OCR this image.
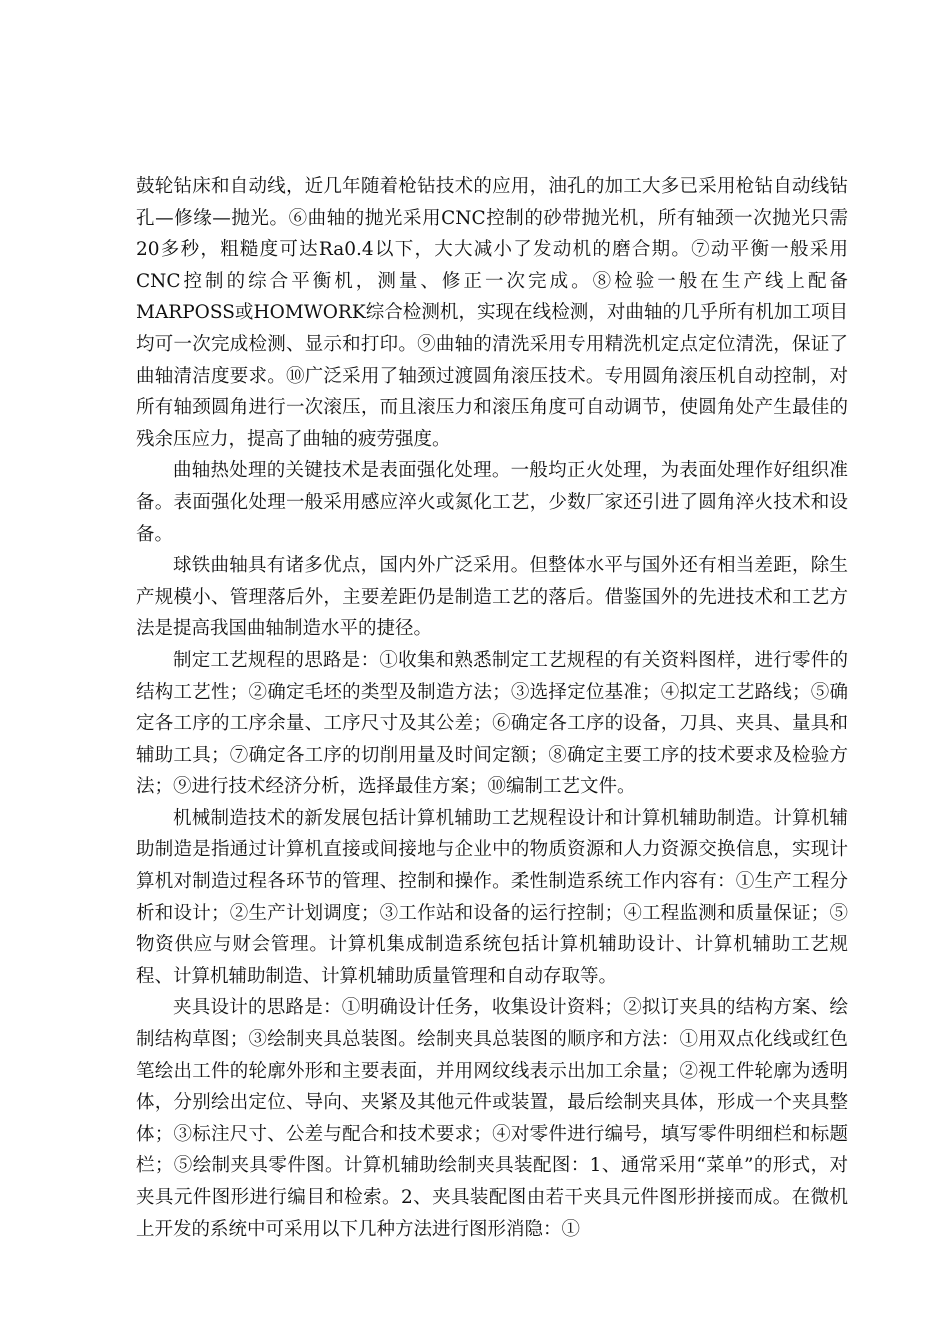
鼓轮钻床和自动线，近几年随着枪钻技术的应用，油孔的加工大多已采用枪钻自动线钻孔—修缘—抛光。⑥曲轴的抛光采用CNC控制的砂带抛光机，所有轴颈一次抛光只需20多秒，粗糙度可达Ra0.4以下，大大减小了发动机的磨合期。⑦动平衡一般采用CNC控制的综合平衡机，测量、修正一次完成。⑧检验一般在生产线上配备MARPOSS或HOMWORK综合检测机，实现在线检测，对曲轴的几乎所有机加工项目均可一次完成检测、显示和打印。⑨曲轴的清洗采用专用精洗机定点定位清洗，保证了曲轴清洁度要求。⑩广泛采用了轴颈过渡圆角滚压技术。专用圆角滚压机自动控制，对所有轴颈圆角进行一次滚压，而且滚压力和滚压角度可自动调节，使圆角处产生最佳的残余压应力，提高了曲轴的疲劳强度。

曲轴热处理的关键技术是表面强化处理。一般均正火处理，为表面处理作好组织准备。表面强化处理一般采用感应淬火或氮化工艺，少数厂家还引进了圆角淬火技术和设备。

球铁曲轴具有诸多优点，国内外广泛采用。但整体水平与国外还有相当差距，除生产规模小、管理落后外，主要差距仍是制造工艺的落后。借鉴国外的先进技术和工艺方法是提高我国曲轴制造水平的捷径。

制定工艺规程的思路是：①收集和熟悉制定工艺规程的有关资料图样，进行零件的结构工艺性；②确定毛坯的类型及制造方法；③选择定位基准；④拟定工艺路线；⑤确定各工序的工序余量、工序尺寸及其公差；⑥确定各工序的设备，刀具、夹具、量具和辅助工具；⑦确定各工序的切削用量及时间定额；⑧确定主要工序的技术要求及检验方法；⑨进行技术经济分析，选择最佳方案；⑩编制工艺文件。

机械制造技术的新发展包括计算机辅助工艺规程设计和计算机辅助制造。计算机辅助制造是指通过计算机直接或间接地与企业中的物质资源和人力资源交换信息，实现计算机对制造过程各环节的管理、控制和操作。柔性制造系统工作内容有：①生产工程分析和设计；②生产计划调度；③工作站和设备的运行控制；④工程监测和质量保证；⑤物资供应与财会管理。计算机集成制造系统包括计算机辅助设计、计算机辅助工艺规程、计算机辅助制造、计算机辅助质量管理和自动存取等。

夹具设计的思路是：①明确设计任务，收集设计资料；②拟订夹具的结构方案、绘制结构草图；③绘制夹具总装图。绘制夹具总装图的顺序和方法：①用双点化线或红色笔绘出工件的轮廓外形和主要表面，并用网纹线表示出加工余量；②视工件轮廓为透明体，分别绘出定位、导向、夹紧及其他元件或装置，最后绘制夹具体，形成一个夹具整体；③标注尺寸、公差与配合和技术要求；④对零件进行编号，填写零件明细栏和标题栏；⑤绘制夹具零件图。计算机辅助绘制夹具装配图：1、通常采用“菜单”的形式，对夹具元件图形进行编目和检索。2、夹具装配图由若干夹具元件图形拼接而成。在微机上开发的系统中可采用以下几种方法进行图形消隐：①
